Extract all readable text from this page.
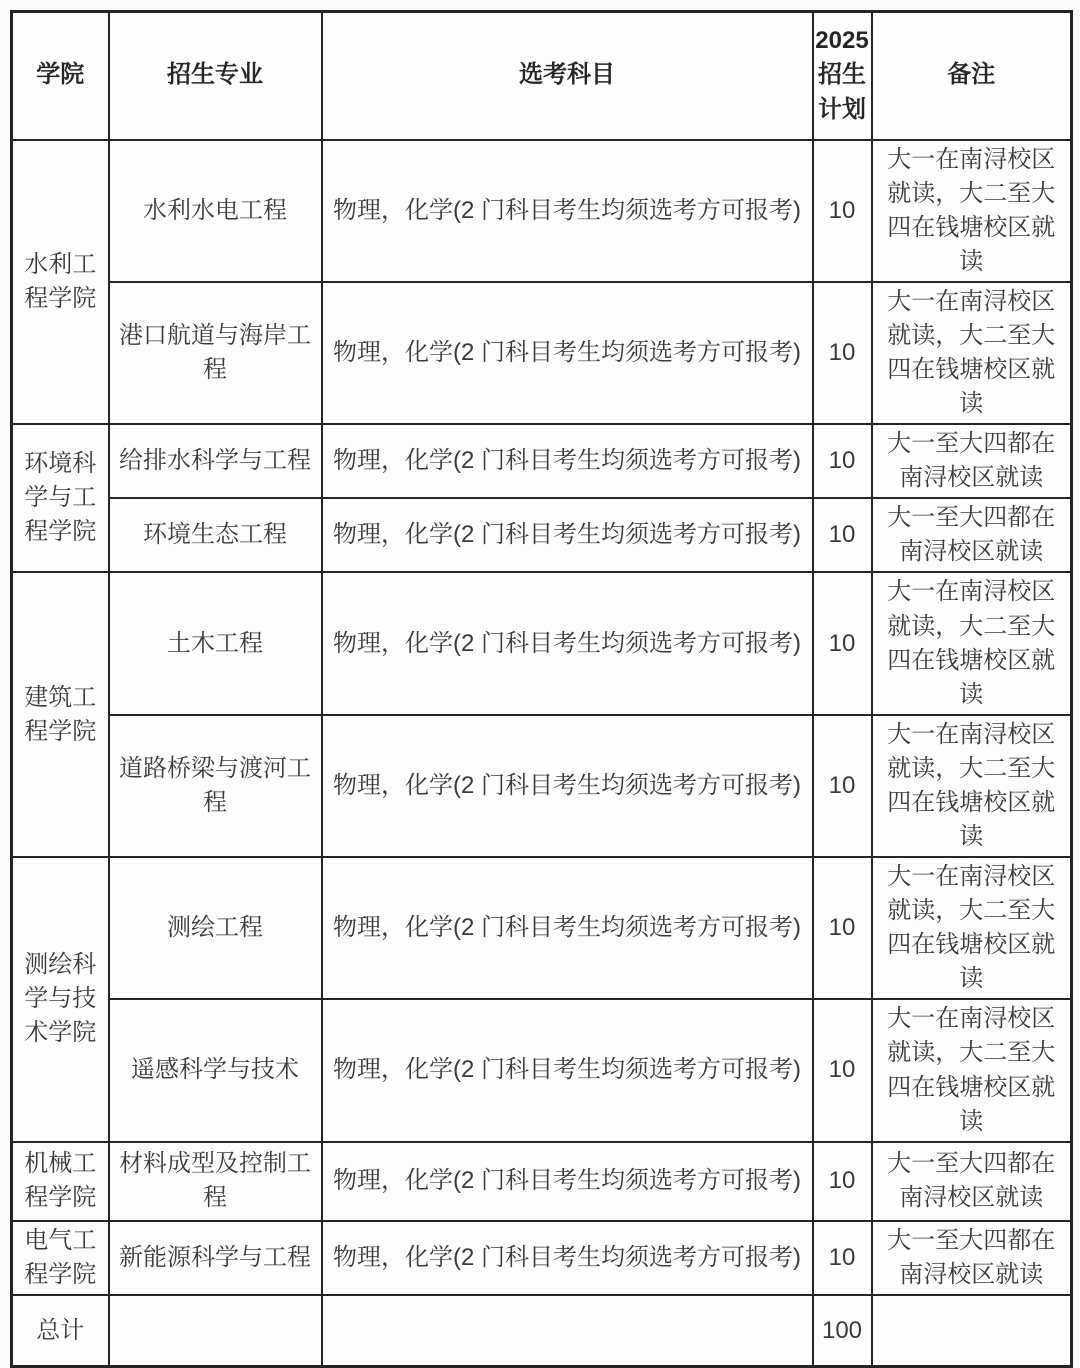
学院	招生专业	选考科目	2025招生计划	备注
水利工程学院	水利水电工程	物理，化学(2 门科目考生均须选考方可报考)	10	大一在南浔校区就读，大二至大四在钱塘校区就读
	港口航道与海岸工程	物理，化学(2 门科目考生均须选考方可报考)	10	大一在南浔校区就读，大二至大四在钱塘校区就读
环境科学与工程学院	给排水科学与工程	物理，化学(2 门科目考生均须选考方可报考)	10	大一至大四都在南浔校区就读
	环境生态工程	物理，化学(2 门科目考生均须选考方可报考)	10	大一至大四都在南浔校区就读
建筑工程学院	土木工程	物理，化学(2 门科目考生均须选考方可报考)	10	大一在南浔校区就读，大二至大四在钱塘校区就读
	道路桥梁与渡河工程	物理，化学(2 门科目考生均须选考方可报考)	10	大一在南浔校区就读，大二至大四在钱塘校区就读
测绘科学与技术学院	测绘工程	物理，化学(2 门科目考生均须选考方可报考)	10	大一在南浔校区就读，大二至大四在钱塘校区就读
	遥感科学与技术	物理，化学(2 门科目考生均须选考方可报考)	10	大一在南浔校区就读，大二至大四在钱塘校区就读
机械工程学院	材料成型及控制工程	物理，化学(2 门科目考生均须选考方可报考)	10	大一至大四都在南浔校区就读
电气工程学院	新能源科学与工程	物理，化学(2 门科目考生均须选考方可报考)	10	大一至大四都在南浔校区就读
总计			100	
